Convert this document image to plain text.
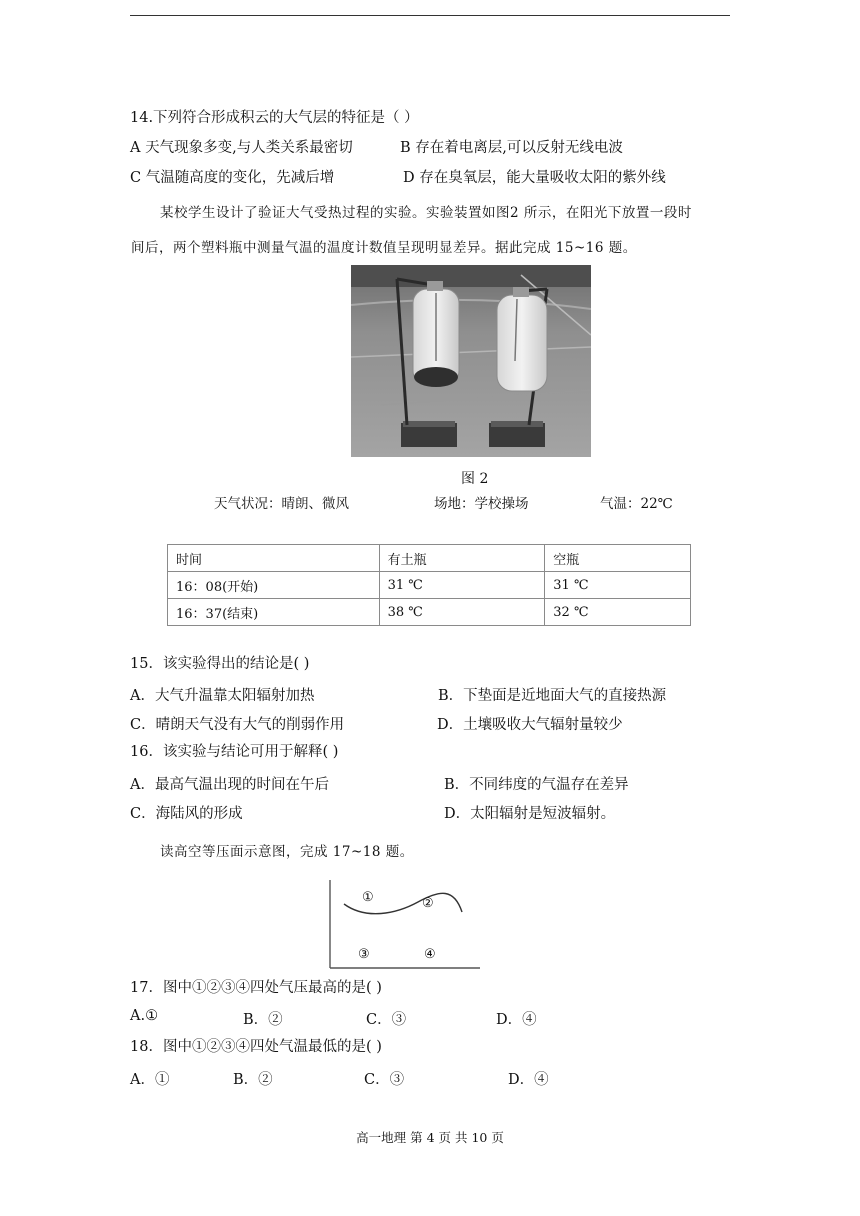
14.下列符合形成积云的大气层的特征是（ ）
A 天气现象多变,与人类关系最密切	B 存在着电离层,可以反射无线电波
C 气温随高度的变化，先减后增	D 存在臭氧层，能大量吸收太阳的紫外线
某校学生设计了验证大气受热过程的实验。实验装置如图2 所示，在阳光下放置一段时
间后，两个塑料瓶中测量气温的温度计数值呈现明显差异。据此完成 15~16 题。
图 2
天气状况：晴朗、微风	场地：学校操场	气温：22℃
时间	有土瓶	空瓶
16：08(开始)	31 ℃	31 ℃
16：37(结束)	38 ℃	32 ℃
15．该实验得出的结论是( )
A．大气升温靠太阳辐射加热	B．下垫面是近地面大气的直接热源
C．晴朗天气没有大气的削弱作用	D．土壤吸收大气辐射量较少
16．该实验与结论可用于解释( )
A．最高气温出现的时间在午后	B．不同纬度的气温存在差异
C．海陆风的形成	D．太阳辐射是短波辐射。
读高空等压面示意图，完成 17~18 题。
①	②
③	④
17．图中①②③④四处气压最高的是( )
A.①	B．②	C．③	D．④
18．图中①②③④四处气温最低的是( )
A．①	B．②	C．③	D．④
高一地理 第 4 页 共 10 页
